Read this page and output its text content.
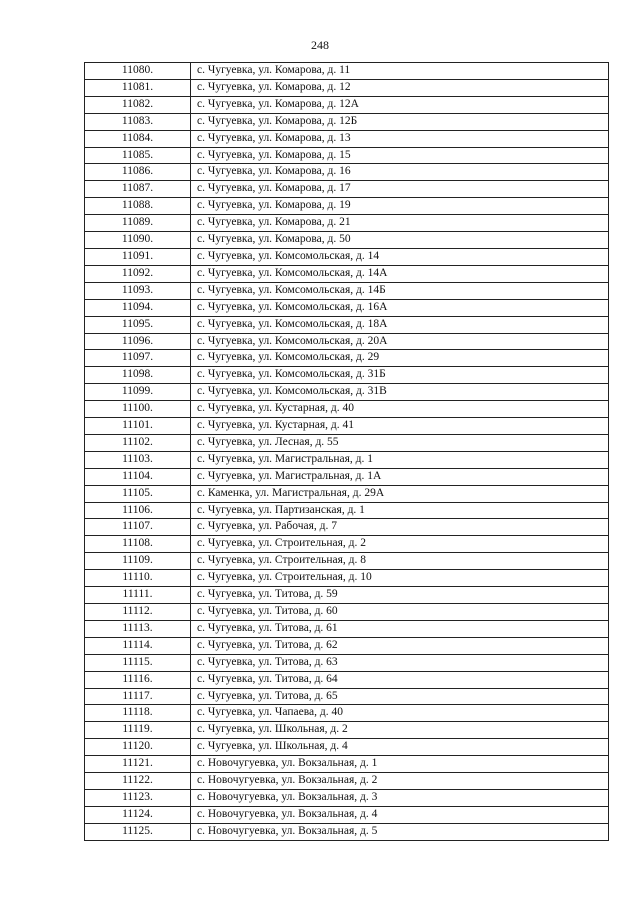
248
11080.	с. Чугуевка, ул. Комарова, д. 11
11081.	с. Чугуевка, ул. Комарова, д. 12
11082.	с. Чугуевка, ул. Комарова, д. 12А
11083.	с. Чугуевка, ул. Комарова, д. 12Б
11084.	с. Чугуевка, ул. Комарова, д. 13
11085.	с. Чугуевка, ул. Комарова, д. 15
11086.	с. Чугуевка, ул. Комарова, д. 16
11087.	с. Чугуевка, ул. Комарова, д. 17
11088.	с. Чугуевка, ул. Комарова, д. 19
11089.	с. Чугуевка, ул. Комарова, д. 21
11090.	с. Чугуевка, ул. Комарова, д. 50
11091.	с. Чугуевка, ул. Комсомольская, д. 14
11092.	с. Чугуевка, ул. Комсомольская, д. 14А
11093.	с. Чугуевка, ул. Комсомольская, д. 14Б
11094.	с. Чугуевка, ул. Комсомольская, д. 16А
11095.	с. Чугуевка, ул. Комсомольская, д. 18А
11096.	с. Чугуевка, ул. Комсомольская, д. 20А
11097.	с. Чугуевка, ул. Комсомольская, д. 29
11098.	с. Чугуевка, ул. Комсомольская, д. 31Б
11099.	с. Чугуевка, ул. Комсомольская, д. 31В
11100.	с. Чугуевка, ул. Кустарная, д. 40
11101.	с. Чугуевка, ул. Кустарная, д. 41
11102.	с. Чугуевка, ул. Лесная, д. 55
11103.	с. Чугуевка, ул. Магистральная, д. 1
11104.	с. Чугуевка, ул. Магистральная, д. 1А
11105.	с. Каменка, ул. Магистральная, д. 29А
11106.	с. Чугуевка, ул. Партизанская, д. 1
11107.	с. Чугуевка, ул. Рабочая, д. 7
11108.	с. Чугуевка, ул. Строительная, д. 2
11109.	с. Чугуевка, ул. Строительная, д. 8
11110.	с. Чугуевка, ул. Строительная, д. 10
11111.	с. Чугуевка, ул. Титова, д. 59
11112.	с. Чугуевка, ул. Титова, д. 60
11113.	с. Чугуевка, ул. Титова, д. 61
11114.	с. Чугуевка, ул. Титова, д. 62
11115.	с. Чугуевка, ул. Титова, д. 63
11116.	с. Чугуевка, ул. Титова, д. 64
11117.	с. Чугуевка, ул. Титова, д. 65
11118.	с. Чугуевка, ул. Чапаева, д. 40
11119.	с. Чугуевка, ул. Школьная, д. 2
11120.	с. Чугуевка, ул. Школьная, д. 4
11121.	с. Новочугуевка, ул. Вокзальная, д. 1
11122.	с. Новочугуевка, ул. Вокзальная, д. 2
11123.	с. Новочугуевка, ул. Вокзальная, д. 3
11124.	с. Новочугуевка, ул. Вокзальная, д. 4
11125.	с. Новочугуевка, ул. Вокзальная, д. 5
